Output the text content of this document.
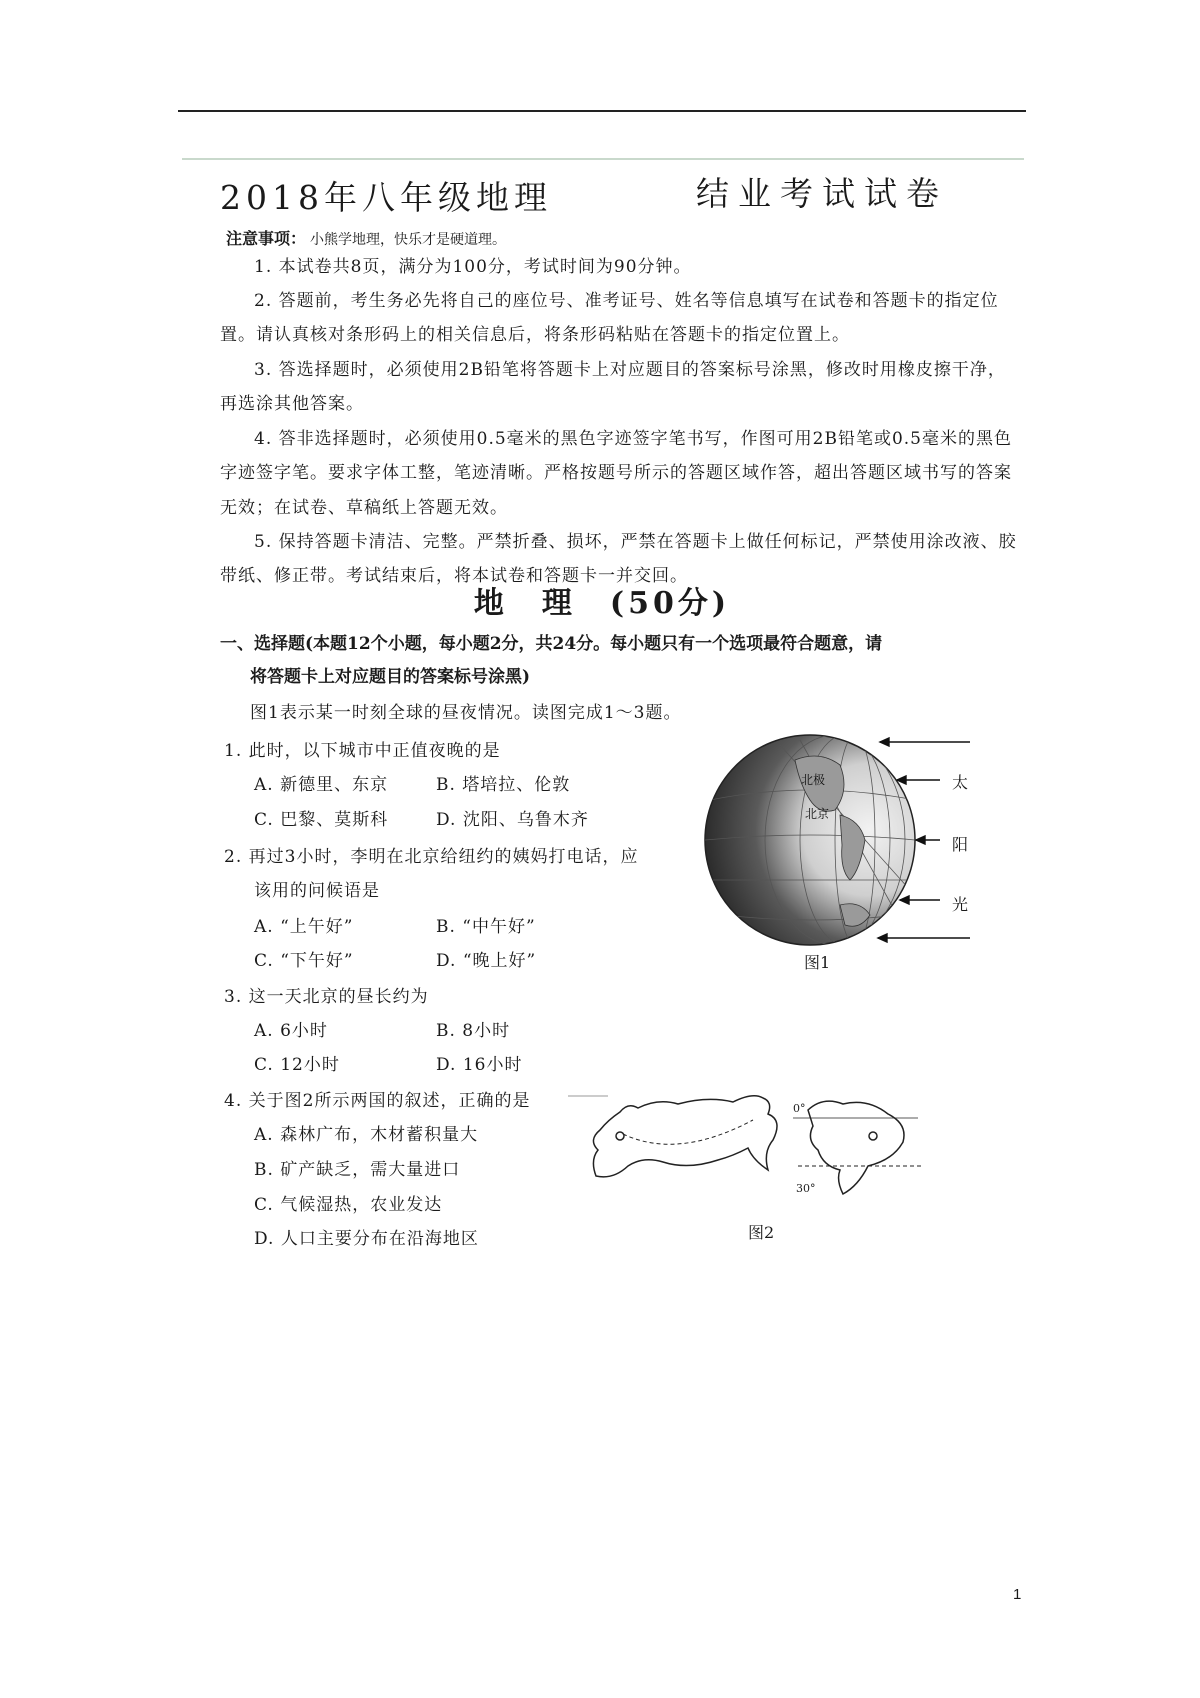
2018年八年级地理	结业考试试卷
注意事项： 小熊学地理，快乐才是硬道理。
1. 本试卷共8页，满分为100分，考试时间为90分钟。
2. 答题前，考生务必先将自己的座位号、准考证号、姓名等信息填写在试卷和答题卡的指定位置。请认真核对条形码上的相关信息后，将条形码粘贴在答题卡的指定位置上。
3. 答选择题时，必须使用2B铅笔将答题卡上对应题目的答案标号涂黑，修改时用橡皮擦干净，再选涂其他答案。
4. 答非选择题时，必须使用0.5毫米的黑色字迹签字笔书写，作图可用2B铅笔或0.5毫米的黑色字迹签字笔。要求字体工整，笔迹清晰。严格按题号所示的答题区域作答，超出答题区域书写的答案无效；在试卷、草稿纸上答题无效。
5. 保持答题卡清洁、完整。严禁折叠、损坏，严禁在答题卡上做任何标记，严禁使用涂改液、胶带纸、修正带。考试结束后，将本试卷和答题卡一并交回。
地　理　(50分)
一、选择题(本题12个小题，每小题2分，共24分。每小题只有一个选项最符合题意，请
将答题卡上对应题目的答案标号涂黑)
图1表示某一时刻全球的昼夜情况。读图完成1～3题。
1. 此时，以下城市中正值夜晚的是
A. 新德里、东京	B. 塔培拉、伦敦
C. 巴黎、莫斯科	D. 沈阳、乌鲁木齐
2. 再过3小时，李明在北京给纽约的姨妈打电话，应
该用的问候语是
A. “上午好”	B. “中午好”
C. “下午好”	D. “晚上好”
3. 这一天北京的昼长约为
A. 6小时	B. 8小时
C. 12小时	D. 16小时
4. 关于图2所示两国的叙述，正确的是
A. 森林广布，木材蓄积量大
B. 矿产缺乏，需大量进口
C. 气候湿热，农业发达
D. 人口主要分布在沿海地区
北极
北京
太
阳
光
图1
0°
30°
图2
1
